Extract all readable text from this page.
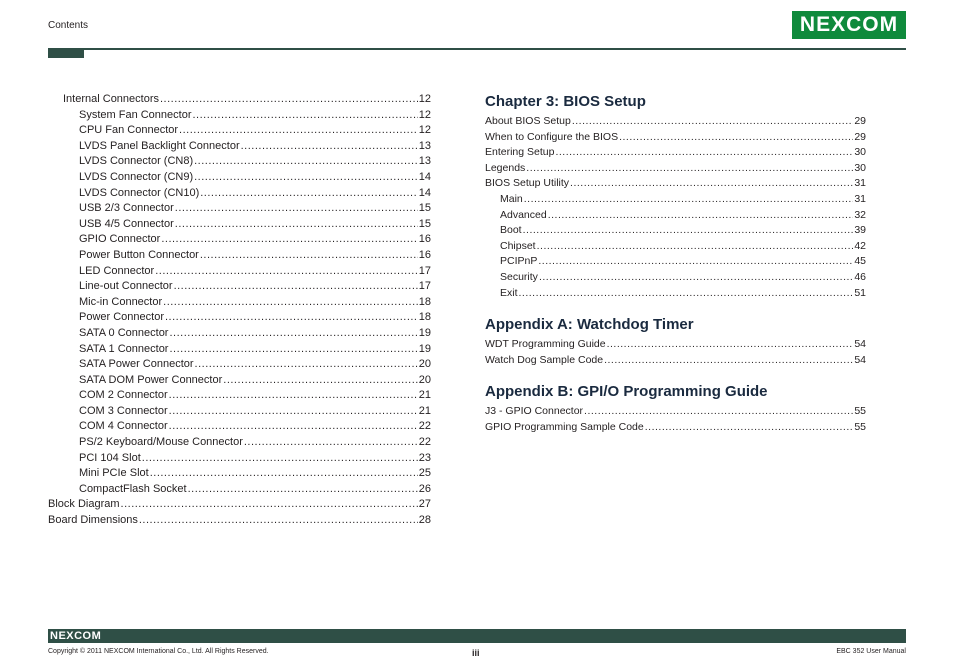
Contents	NEXCOM
Internal Connectors .....	12
System Fan Connector .....	12
CPU Fan Connector .....	12
LVDS Panel Backlight Connector .....	13
LVDS Connector (CN8) .....	13
LVDS Connector (CN9) .....	14
LVDS Connector (CN10) .....	14
USB 2/3 Connector .....	15
USB 4/5 Connector .....	15
GPIO Connector .....	16
Power Button Connector .....	16
LED Connector .....	17
Line-out Connector .....	17
Mic-in Connector .....	18
Power Connector .....	18
SATA 0 Connector .....	19
SATA 1 Connector .....	19
SATA Power Connector .....	20
SATA DOM Power Connector .....	20
COM 2 Connector .....	21
COM 3 Connector .....	21
COM 4 Connector .....	22
PS/2 Keyboard/Mouse Connector .....	22
PCI 104 Slot .....	23
Mini PCIe Slot .....	25
CompactFlash Socket .....	26
Block Diagram .....	27
Board Dimensions .....	28
Chapter 3: BIOS Setup
About BIOS Setup .....	29
When to Configure the BIOS .....	29
Entering Setup .....	30
Legends .....	30
BIOS Setup Utility .....	31
Main .....	31
Advanced .....	32
Boot .....	39
Chipset .....	42
PCIPnP .....	45
Security .....	46
Exit .....	51
Appendix A: Watchdog Timer
WDT Programming Guide .....	54
Watch Dog Sample Code .....	54
Appendix B: GPI/O Programming Guide
J3 - GPIO Connector .....	55
GPIO Programming Sample Code .....	55
NEXCOM
Copyright © 2011 NEXCOM International Co., Ltd. All Rights Reserved.	iii	EBC 352 User Manual
